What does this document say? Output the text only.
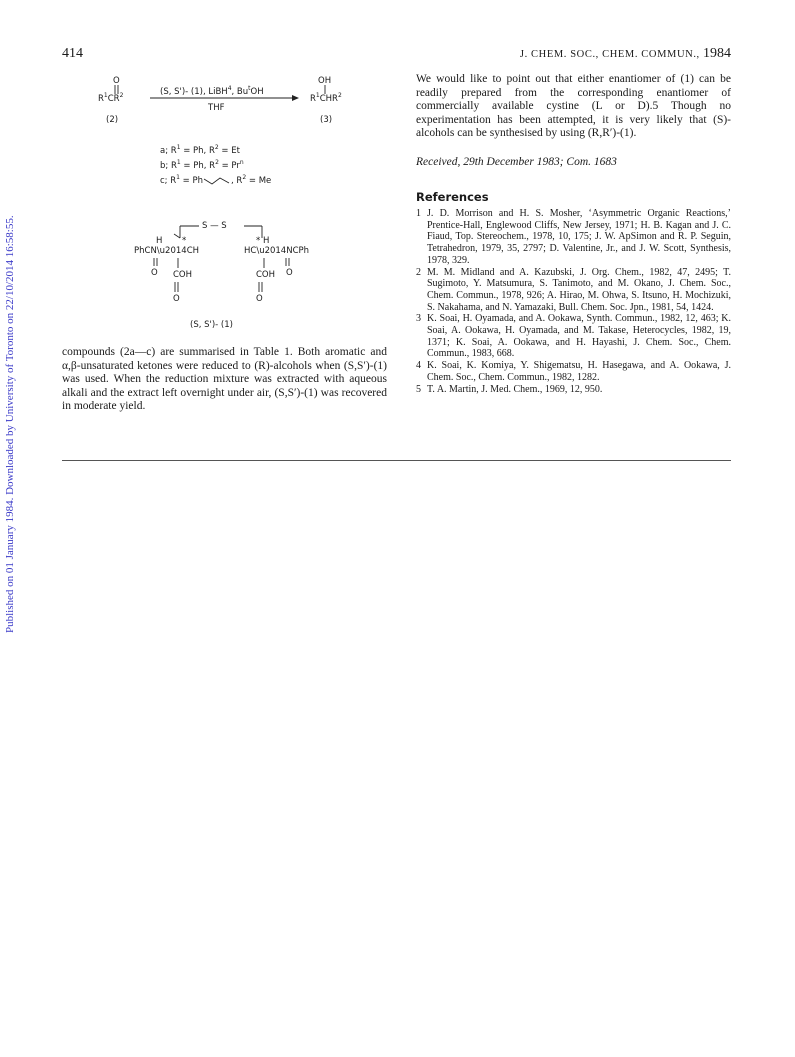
Published on 01 January 1984. Downloaded by University of Toronto on 22/10/2014 16:58:55.
414	J. CHEM. SOC., CHEM. COMMUN., 1984
O
$R^1CR^2$
(2)
(S, S')- (1), LiBH$^4$, Bu$^t$OH
THF
OH
$R^1CHR^2$
(3)
a; $R^1 = Ph$, $R^2 = Et$
b; $R^1 = Ph$, $R^2 = Pr^n$
c; $R^1 = Ph$	, $R^2 = Me$
S — S
H *	* H
PhCN\u2014CH	HC\u2014NCPh
O COH	COH O
O	O
(S, S')- (1)
compounds (2a—c) are summarised in Table 1. Both aromatic and α,β-unsaturated ketones were reduced to (R)-alcohols when (S,S′)-(1) was used. When the reduction mixture was extracted with aqueous alkali and the extract left overnight under air, (S,S′)-(1) was recovered in moderate yield.
We would like to point out that either enantiomer of (1) can be readily prepared from the corresponding enantiomer of commercially available cystine (L or D).5 Though no experimentation has been attempted, it is very likely that (S)-alcohols can be synthesised by using (R,R′)-(1).
Received, 29th December 1983; Com. 1683
References
1 J. D. Morrison and H. S. Mosher, ‘Asymmetric Organic Reactions,’ Prentice-Hall, Englewood Cliffs, New Jersey, 1971; H. B. Kagan and J. C. Fiaud, Top. Stereochem., 1978, 10, 175; J. W. ApSimon and R. P. Seguin, Tetrahedron, 1979, 35, 2797; D. Valentine, Jr., and J. W. Scott, Synthesis, 1978, 329.
2 M. M. Midland and A. Kazubski, J. Org. Chem., 1982, 47, 2495; T. Sugimoto, Y. Matsumura, S. Tanimoto, and M. Okano, J. Chem. Soc., Chem. Commun., 1978, 926; A. Hirao, M. Ohwa, S. Itsuno, H. Mochizuki, S. Nakahama, and N. Yamazaki, Bull. Chem. Soc. Jpn., 1981, 54, 1424.
3 K. Soai, H. Oyamada, and A. Ookawa, Synth. Commun., 1982, 12, 463; K. Soai, A. Ookawa, H. Oyamada, and M. Takase, Heterocycles, 1982, 19, 1371; K. Soai, A. Ookawa, and H. Hayashi, J. Chem. Soc., Chem. Commun., 1983, 668.
4 K. Soai, K. Komiya, Y. Shigematsu, H. Hasegawa, and A. Ookawa, J. Chem. Soc., Chem. Commun., 1982, 1282.
5 T. A. Martin, J. Med. Chem., 1969, 12, 950.
